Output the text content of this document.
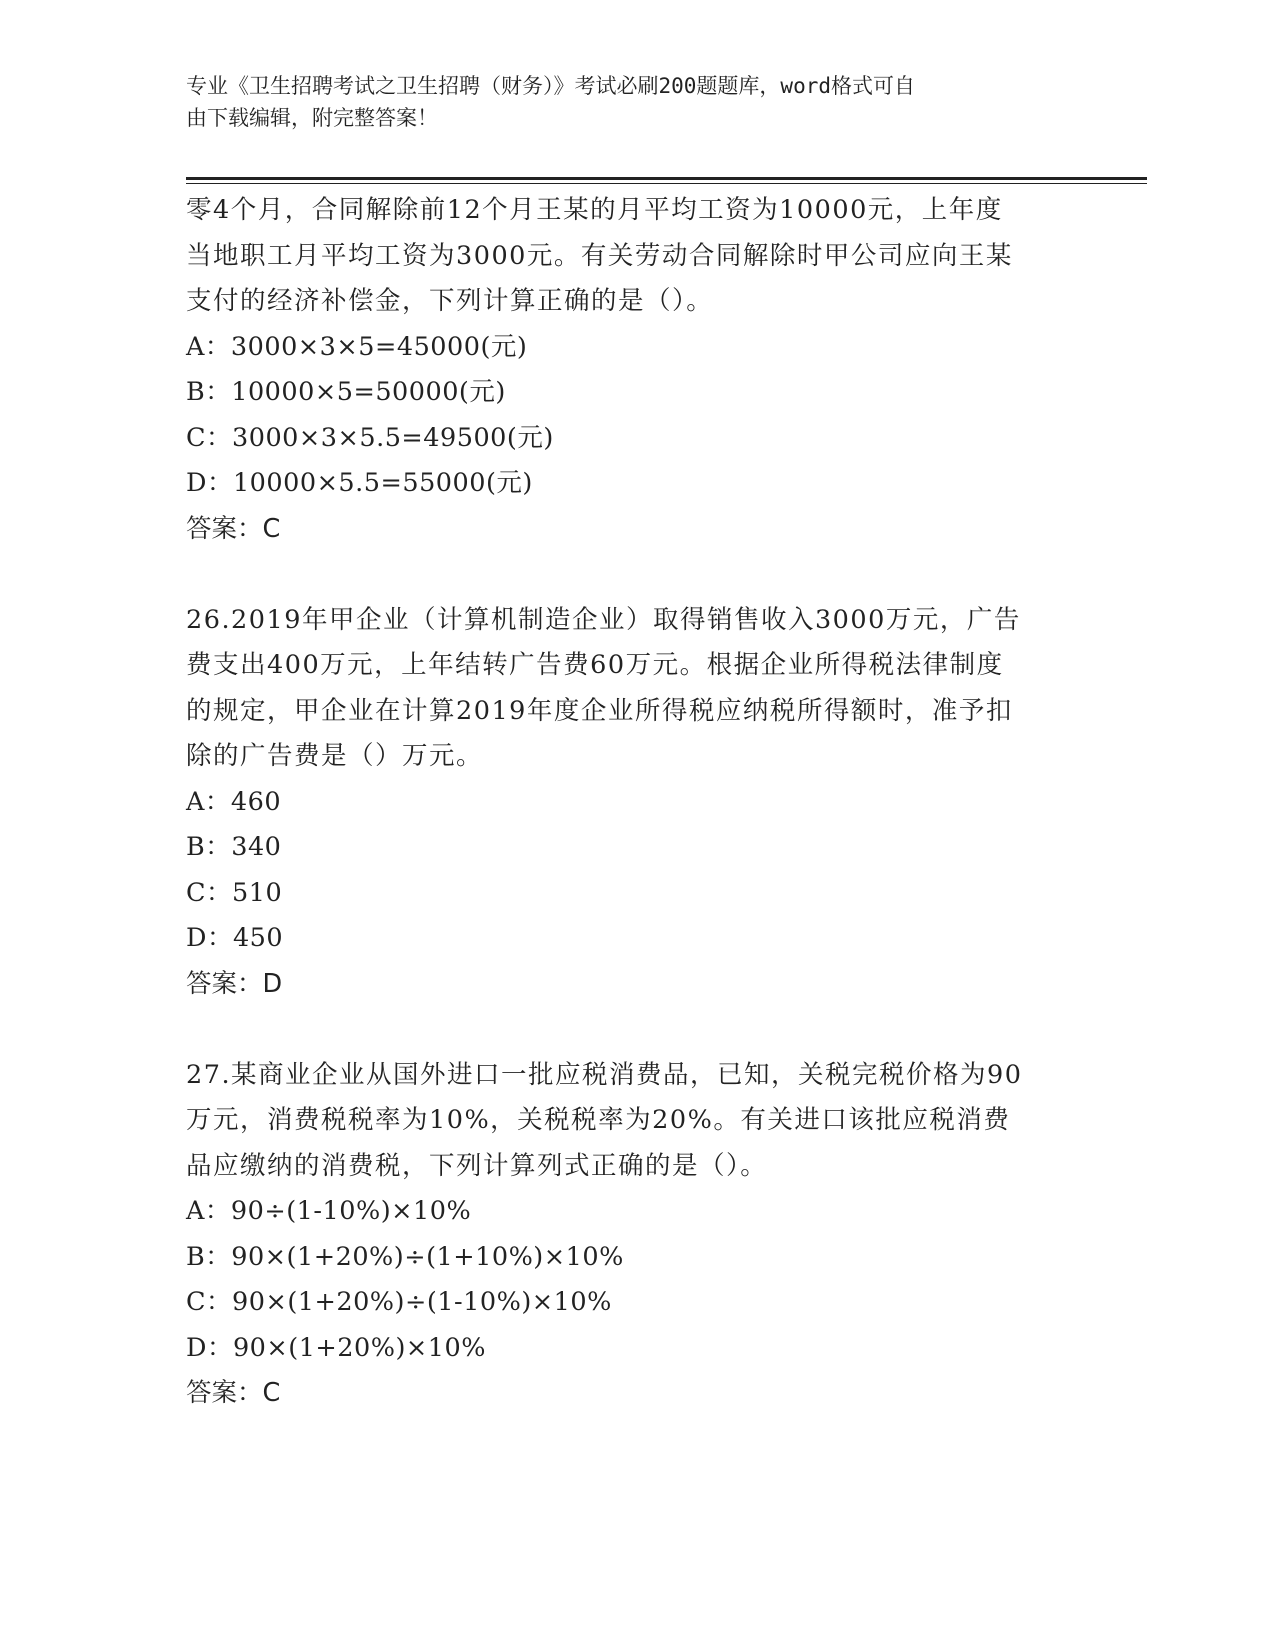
专业《卫生招聘考试之卫生招聘（财务）》考试必刷200题题库，word格式可自
由下载编辑，附完整答案！

零4个月，合同解除前12个月王某的月平均工资为10000元，上年度

当地职工月平均工资为3000元。有关劳动合同解除时甲公司应向王某

支付的经济补偿金，下列计算正确的是（）。

A：3000×3×5=45000(元)

B：10000×5=50000(元)

C：3000×3×5.5=49500(元)

D：10000×5.5=55000(元)

答案：C

26.2019年甲企业（计算机制造企业）取得销售收入3000万元，广告

费支出400万元，上年结转广告费60万元。根据企业所得税法律制度

的规定，甲企业在计算2019年度企业所得税应纳税所得额时，准予扣

除的广告费是（）万元。

A：460

B：340

C：510

D：450

答案：D

27.某商业企业从国外进口一批应税消费品，已知，关税完税价格为90

万元，消费税税率为10%，关税税率为20%。有关进口该批应税消费

品应缴纳的消费税，下列计算列式正确的是（）。

A：90÷(1-10%)×10%

B：90×(1+20%)÷(1+10%)×10%

C：90×(1+20%)÷(1-10%)×10%

D：90×(1+20%)×10%

答案：C
